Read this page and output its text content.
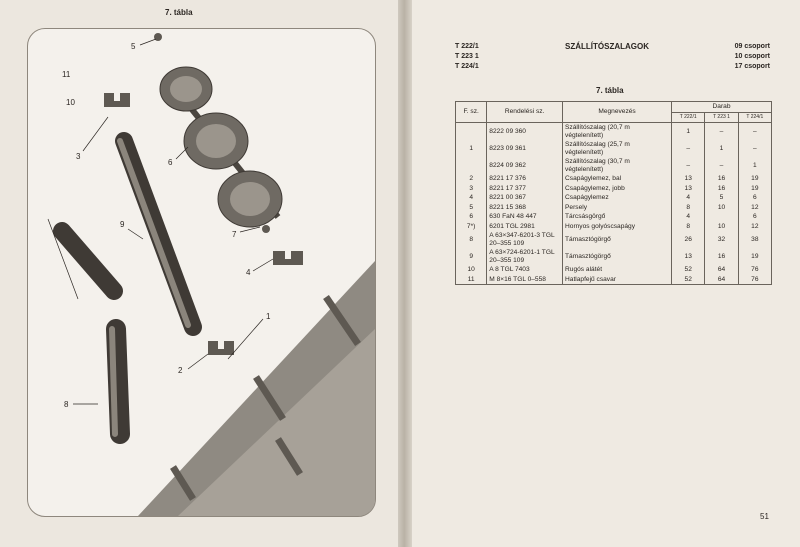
7. tábla
1
2
3
4
5
6
7
8
9
10
11
T 222/1
T 223 1
T 224/1
SZÁLLÍTÓSZALAGOK	09 csoport
10 csoport
17 csoport
7. tábla
F. sz.	Rendelési sz.	Megnevezés	Darab		
			T 222/1	T 223 1	T 224/1
	8222 09 360	Szállítószalag (20,7 m végtelenített)	1	–	–
1	8223 09 361	Szállítószalag (25,7 m végtelenített)	–	1	–
	8224 09 362	Szállítószalag (30,7 m végtelenített)	–	–	1
2	8221 17 376	Csapágylemez, bal	13	16	19
3	8221 17 377	Csapágylemez, jobb	13	16	19
4	8221 00 367	Csapágylemez	4	5	6
5	8221 15 368	Persely	8	10	12
6	630 FaN 48 447	Tárcsásgörgő	4		6
7*)	6201 TGL 2981	Hornyos golyóscsapágy	8	10	12
8	A 63×347-6201-3 TGL 20–355 109	Támasztógörgő	26	32	38
9	A 63×724-6201-1 TGL 20–355 109	Támasztógörgő	13	16	19
10	A 8 TGL 7403	Rugós alátét	52	64	76
11	M 8×16 TGL 0–558	Hatlapfejű csavar	52	64	76
51
